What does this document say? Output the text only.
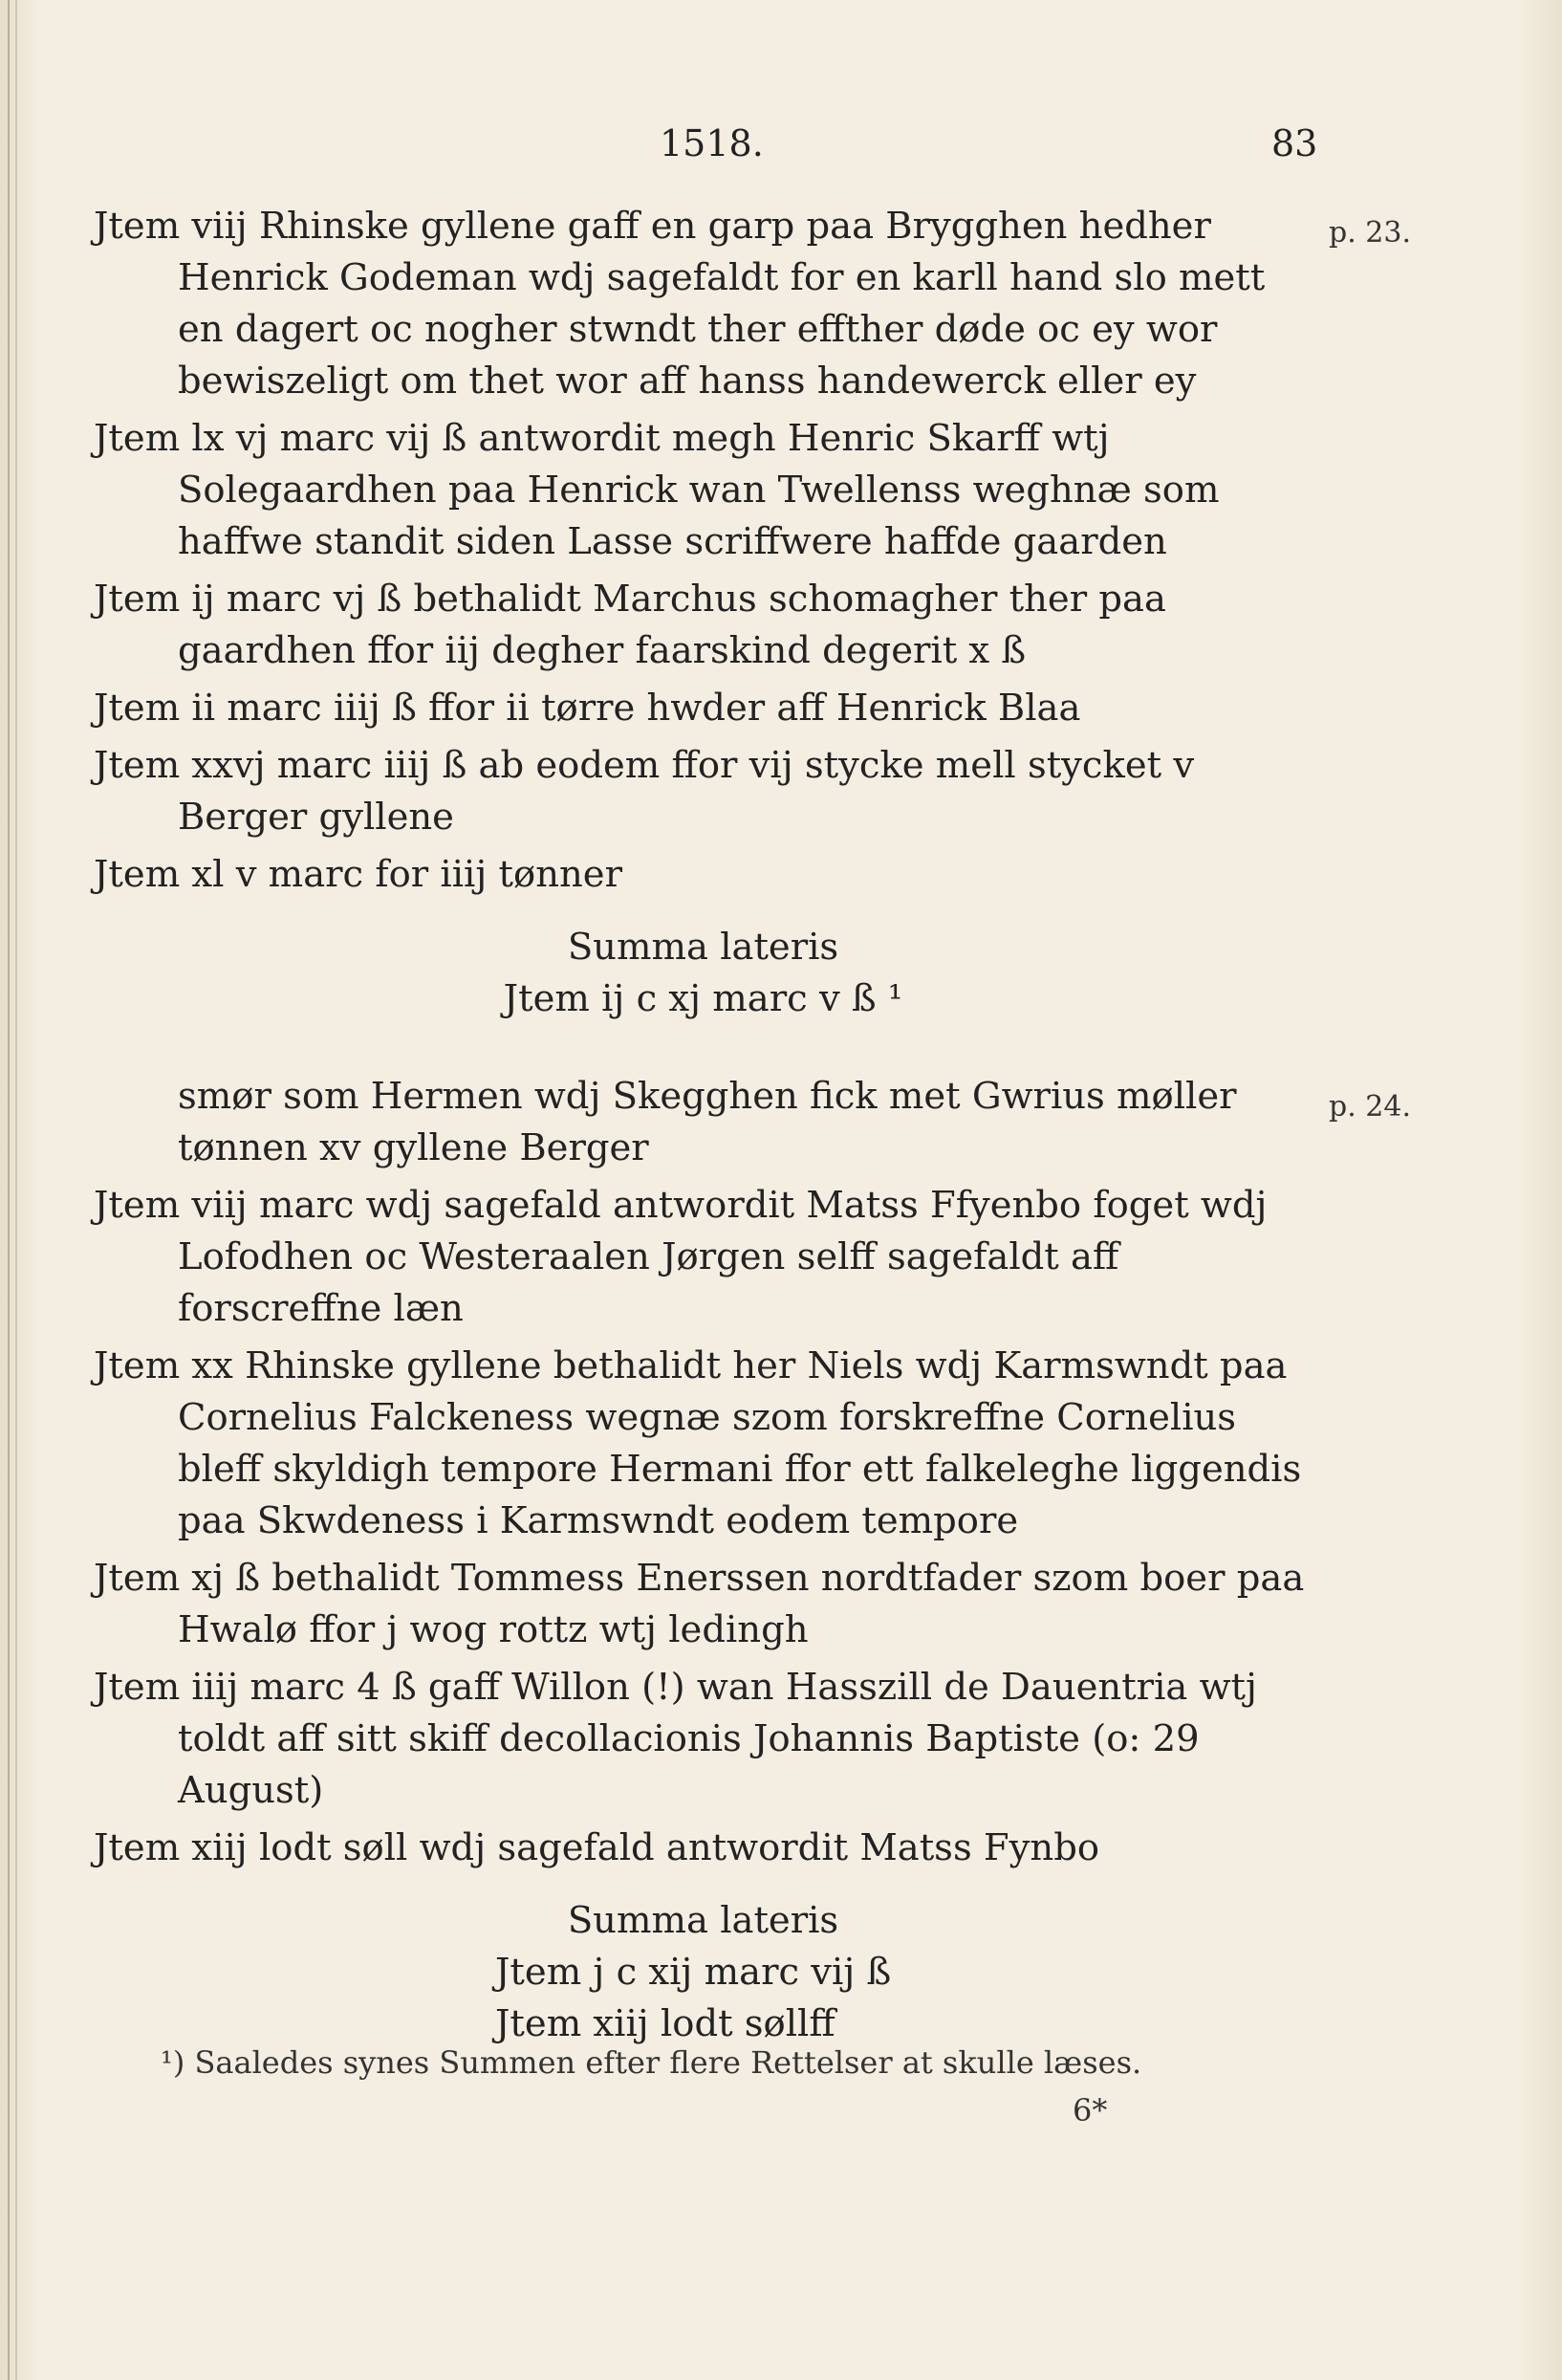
1518.	83
p. 23.
p. 24.
Jtem viij Rhinske gyllene gaff en garp paa Brygghen hedher Henrick Godeman wdj sagefaldt for en karll hand slo mett en dagert oc nogher stwndt ther effther døde oc ey wor bewiszeligt om thet wor aff hanss handewerck eller ey
Jtem lx vj marc vij ß antwordit megh Henric Skarff wtj Solegaardhen paa Henrick wan Twellenss weghnæ som haffwe standit siden Lasse scriffwere haffde gaarden
Jtem ij marc vj ß bethalidt Marchus schomagher ther paa gaardhen ffor iij degher faarskind degerit x ß
Jtem ii marc iiij ß ffor ii tørre hwder aff Henrick Blaa
Jtem xxvj marc iiij ß ab eodem ffor vij stycke mell stycket v Berger gyllene
Jtem xl v marc for iiij tønner
Summa lateris
Jtem ij c xj marc v ß ¹
smør som Hermen wdj Skegghen fick met Gwrius møller tønnen xv gyllene Berger
Jtem viij marc wdj sagefald antwordit Matss Ffyenbo foget wdj Lofodhen oc Westeraalen Jørgen selff sagefaldt aff forscreffne læn
Jtem xx Rhinske gyllene bethalidt her Niels wdj Karmswndt paa Cornelius Falckeness wegnæ szom forskreffne Cornelius bleff skyldigh tempore Hermani ffor ett falkeleghe liggendis paa Skwdeness i Karmswndt eodem tempore
Jtem xj ß bethalidt Tommess Enerssen nordtfader szom boer paa Hwalø ffor j wog rottz wtj ledingh
Jtem iiij marc 4 ß gaff Willon (!) wan Hasszill de Dauentria wtj toldt aff sitt skiff decollacionis Johannis Baptiste (o: 29 August)
Jtem xiij lodt søll wdj sagefald antwordit Matss Fynbo
Summa lateris
Jtem j c xij marc vij ß
Jtem xiij lodt søllff
¹) Saaledes synes Summen efter flere Rettelser at skulle læses.
6*
